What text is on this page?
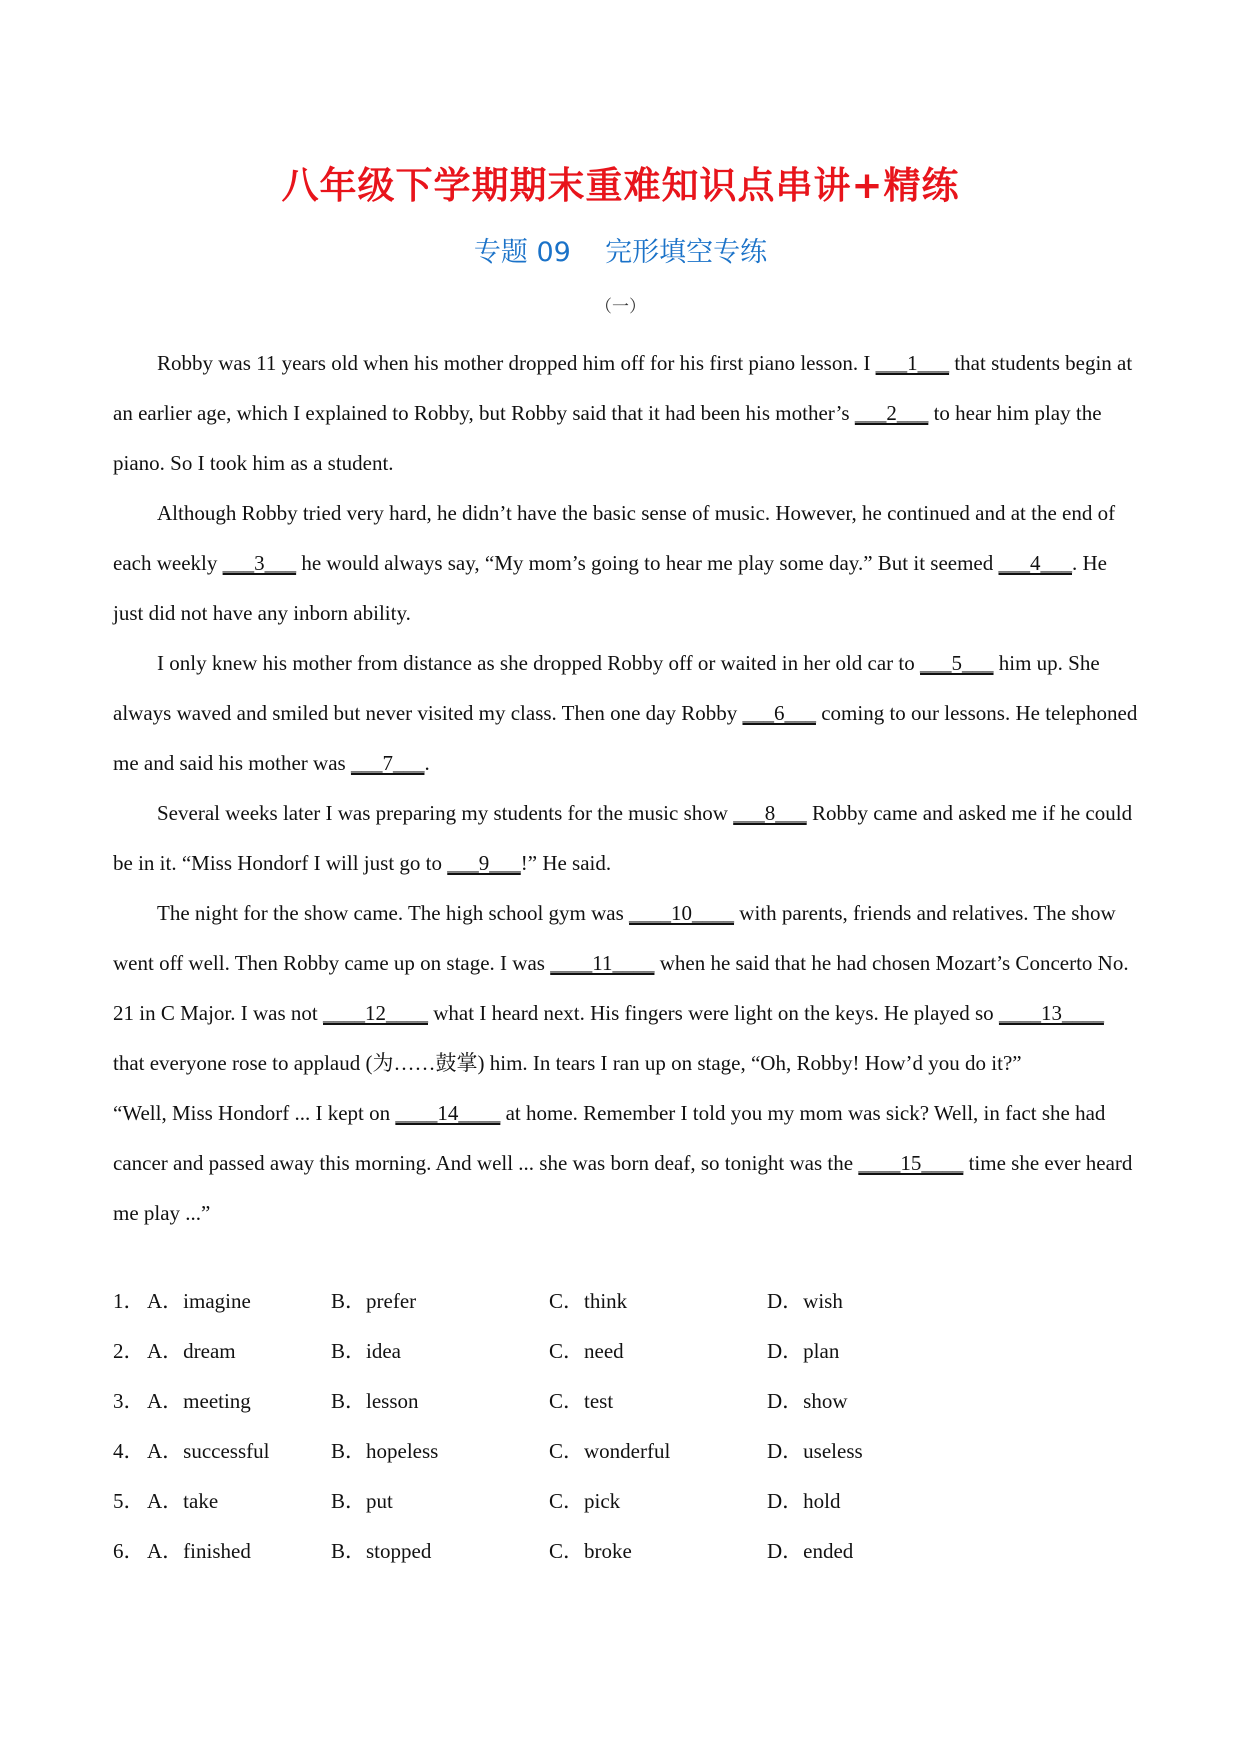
八年级下学期期末重难知识点串讲+精练
专题 09    完形填空专练
（一）

Robby was 11 years old when his mother dropped him off for his first piano lesson. I ___1___ that students begin at an earlier age, which I explained to Robby, but Robby said that it had been his mother’s ___2___ to hear him play the piano. So I took him as a student.

Although Robby tried very hard, he didn’t have the basic sense of music. However, he continued and at the end of each weekly ___3___ he would always say, “My mom’s going to hear me play some day.” But it seemed ___4___. He just did not have any inborn ability.

I only knew his mother from distance as she dropped Robby off or waited in her old car to ___5___ him up. She always waved and smiled but never visited my class. Then one day Robby ___6___ coming to our lessons. He telephoned me and said his mother was ___7___.

Several weeks later I was preparing my students for the music show ___8___ Robby came and asked me if he could be in it. “Miss Hondorf I will just go to ___9___!” He said.

The night for the show came. The high school gym was ____10____ with parents, friends and relatives. The show went off well. Then Robby came up on stage. I was ____11____ when he said that he had chosen Mozart’s Concerto No. 21 in C Major. I was not ____12____ what I heard next. His fingers were light on the keys. He played so ____13____ that everyone rose to applaud (为……鼓掌) him. In tears I ran up on stage, “Oh, Robby! How’d you do it?”

“Well, Miss Hondorf ... I kept on ____14____ at home. Remember I told you my mom was sick? Well, in fact she had cancer and passed away this morning. And well ... she was born deaf, so tonight was the ____15____ time she ever heard me play ...”

1． A．imagine	B．prefer	C．think	D．wish
2． A．dream	B．idea	C．need	D．plan
3． A．meeting	B．lesson	C．test	D．show
4． A．successful	B．hopeless	C．wonderful	D．useless
5． A．take	B．put	C．pick	D．hold
6． A．finished	B．stopped	C．broke	D．ended
